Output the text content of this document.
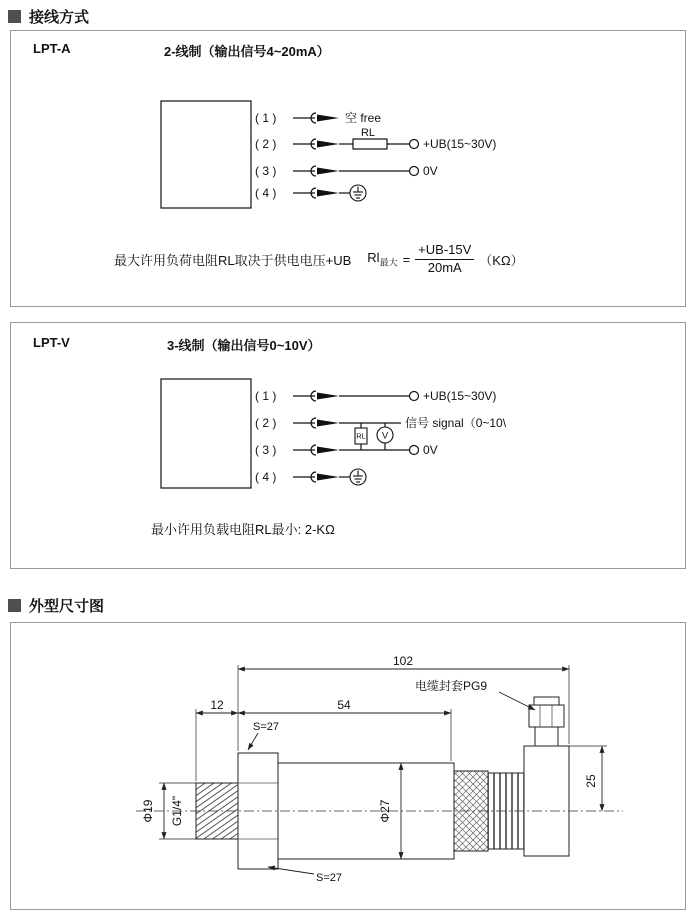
接线方式
LPT-A	2-线制（输出信号4~20mA）
( 1 )
( 2 )
( 3 )
( 4 )
空 free
RL
+UB(15~30V)
0V
最大许用负荷电阻RL取决于供电电压+UB $Rl_{最大} = \frac{+UB-15V}{20mA} (K\Omega)$
LPT-V	3-线制（输出信号0~10V）
( 1 )
( 2 )
( 3 )
( 4 )
+UB(15~30V)
RL V
信号 signal（0~10\
0V
最小许用负载电阻RL最小: 2-KΩ
外型尺寸图
102
电缆封套PG9
12	54
S=27
25
Φ19 G1/4"	Φ27
S=27
